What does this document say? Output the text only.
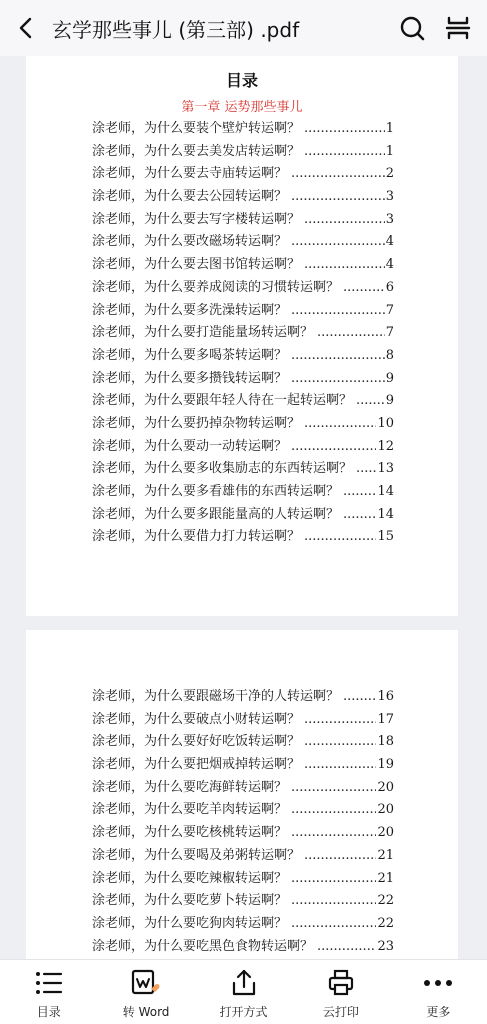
玄学那些事儿 (第三部) .pdf
目录
第一章 运势那些事儿
涂老师，为什么要装个壁炉转运啊？ .....	1
涂老师，为什么要去美发店转运啊？ .....	1
涂老师，为什么要去寺庙转运啊？ .....	2
涂老师，为什么要去公园转运啊？ .....	3
涂老师，为什么要去写字楼转运啊？ .....	3
涂老师，为什么要改磁场转运啊？ .....	4
涂老师，为什么要去图书馆转运啊？ .....	4
涂老师，为什么要养成阅读的习惯转运啊？ .....	6
涂老师，为什么要多洗澡转运啊？ .....	7
涂老师，为什么要打造能量场转运啊？ .....	7
涂老师，为什么要多喝茶转运啊？ .....	8
涂老师，为什么要多攒钱转运啊？ .....	9
涂老师，为什么要跟年轻人待在一起转运啊？ .....	9
涂老师，为什么要扔掉杂物转运啊？ .....	10
涂老师，为什么要动一动转运啊？ .....	12
涂老师，为什么要多收集励志的东西转运啊？ ..... 13
涂老师，为什么要多看雄伟的东西转运啊？ .....	14
涂老师，为什么要多跟能量高的人转运啊？ .....	14
涂老师，为什么要借力打力转运啊？ .....	15
涂老师，为什么要跟磁场干净的人转运啊？ .....	16
涂老师，为什么要破点小财转运啊？ .....	17
涂老师，为什么要好好吃饭转运啊？ .....	18
涂老师，为什么要把烟戒掉转运啊？ .....	19
涂老师，为什么要吃海鲜转运啊？ .....	20
涂老师，为什么要吃羊肉转运啊？ .....	20
涂老师，为什么要吃核桃转运啊？ .....	20
涂老师，为什么要喝及弟粥转运啊？ .....	21
涂老师，为什么要吃辣椒转运啊？ .....	21
涂老师，为什么要吃萝卜转运啊？ .....	22
涂老师，为什么要吃狗肉转运啊？ .....	22
涂老师，为什么要吃黑色食物转运啊？ .....	23
目录	转 Word	打开方式	云打印	更多
